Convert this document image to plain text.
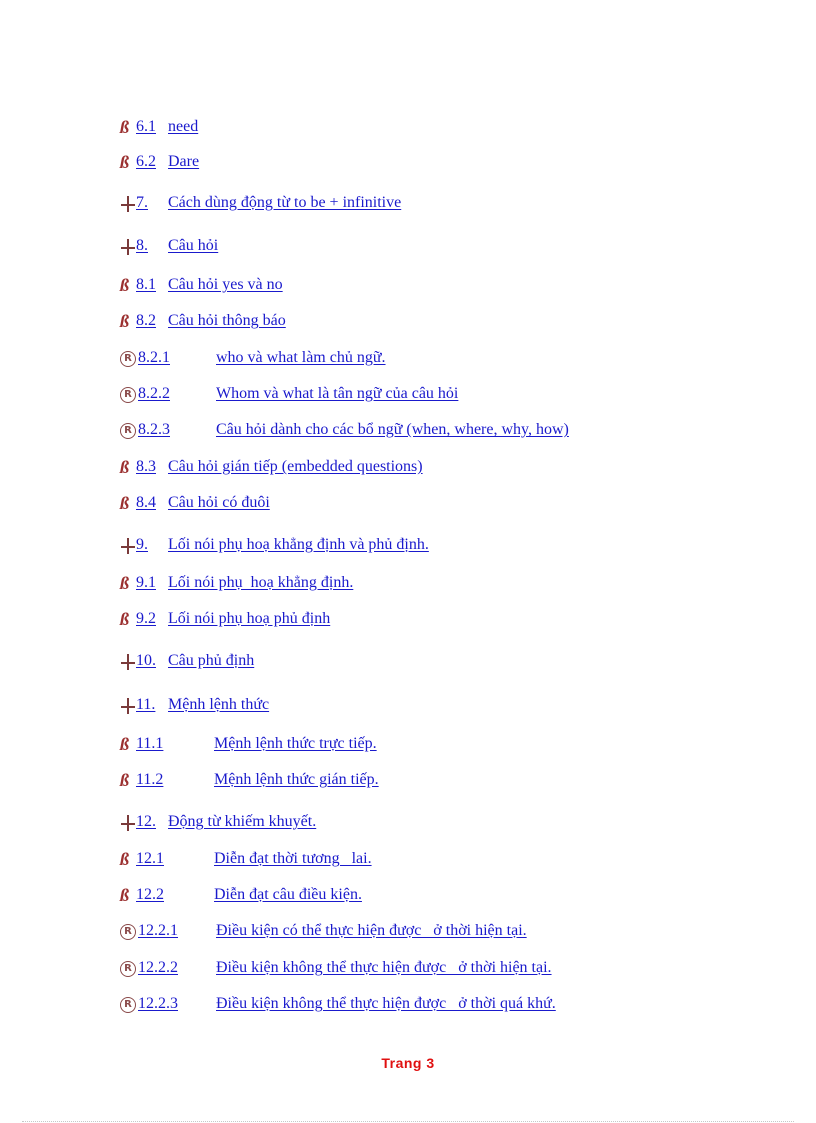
ß 6.1 need
ß 6.2 Dare
7.	Cách dùng động từ to be + infinitive
8.	Câu hỏi
ß 8.1 Câu hỏi yes và no
ß 8.2 Câu hỏi thông báo
R 8.2.1	who và what làm chủ ngữ.
R 8.2.2	Whom và what là tân ngữ của câu hỏi
R 8.2.3	Câu hỏi dành cho các bổ ngữ (when, where, why, how)
ß 8.3 Câu hỏi gián tiếp (embedded questions)
ß 8.4 Câu hỏi có đuôi
9.	Lối nói phụ hoạ khẳng định và phủ định.
ß 9.1 Lối nói phụ  hoạ khẳng định.
ß 9.2 Lối nói phụ hoạ phủ định
10. Câu phủ định
11. Mệnh lệnh thức
ß 11.1	Mệnh lệnh thức trực tiếp.
ß 11.2	Mệnh lệnh thức gián tiếp.
12. Động từ khiếm khuyết.
ß 12.1	Diễn đạt thời tương   lai.
ß 12.2	Diễn đạt câu điều kiện.
R 12.2.1	Điều kiện có thể thực hiện được   ở thời hiện tại.
R 12.2.2	Điều kiện không thể thực hiện được   ở thời hiện tại.
R 12.2.3	Điều kiện không thể thực hiện được   ở thời quá khứ.
Trang 3
